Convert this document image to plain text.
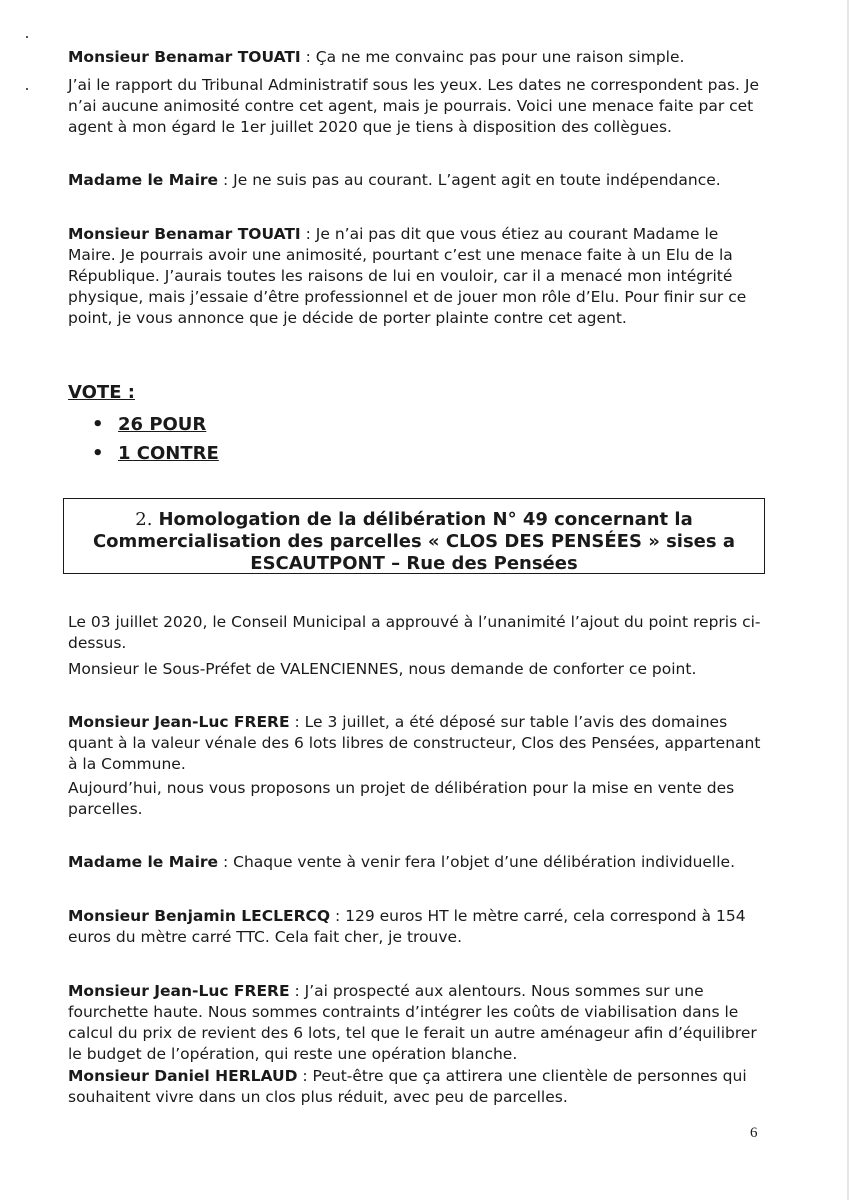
Monsieur Benamar TOUATI : Ça ne me convainc pas pour une raison simple.

J’ai le rapport du Tribunal Administratif sous les yeux. Les dates ne correspondent pas. Je n’ai aucune animosité contre cet agent, mais je pourrais. Voici une menace faite par cet agent à mon égard le 1er juillet 2020 que je tiens à disposition des collègues.

Madame le Maire : Je ne suis pas au courant. L’agent agit en toute indépendance.

Monsieur Benamar TOUATI : Je n’ai pas dit que vous étiez au courant Madame le Maire. Je pourrais avoir une animosité, pourtant c’est une menace faite à un Elu de la République. J’aurais toutes les raisons de lui en vouloir, car il a menacé mon intégrité physique, mais j’essaie d’être professionnel et de jouer mon rôle d’Elu. Pour finir sur ce point, je vous annonce que je décide de porter plainte contre cet agent.

VOTE :
• 26 POUR
• 1 CONTRE

2. Homologation de la délibération N° 49 concernant la Commercialisation des parcelles « CLOS DES PENSÉES » sises a ESCAUTPONT – Rue des Pensées

Le 03 juillet 2020, le Conseil Municipal a approuvé à l’unanimité l’ajout du point repris ci-dessus.

Monsieur le Sous-Préfet de VALENCIENNES, nous demande de conforter ce point.

Monsieur Jean-Luc FRERE : Le 3 juillet, a été déposé sur table l’avis des domaines quant à la valeur vénale des 6 lots libres de constructeur, Clos des Pensées, appartenant à la Commune.

Aujourd’hui, nous vous proposons un projet de délibération pour la mise en vente des parcelles.

Madame le Maire : Chaque vente à venir fera l’objet d’une délibération individuelle.

Monsieur Benjamin LECLERCQ : 129 euros HT le mètre carré, cela correspond à 154 euros du mètre carré TTC. Cela fait cher, je trouve.

Monsieur Jean-Luc FRERE : J’ai prospecté aux alentours. Nous sommes sur une fourchette haute. Nous sommes contraints d’intégrer les coûts de viabilisation dans le calcul du prix de revient des 6 lots, tel que le ferait un autre aménageur afin d’équilibrer le budget de l’opération, qui reste une opération blanche.

Monsieur Daniel HERLAUD : Peut-être que ça attirera une clientèle de personnes qui souhaitent vivre dans un clos plus réduit, avec peu de parcelles.

6
